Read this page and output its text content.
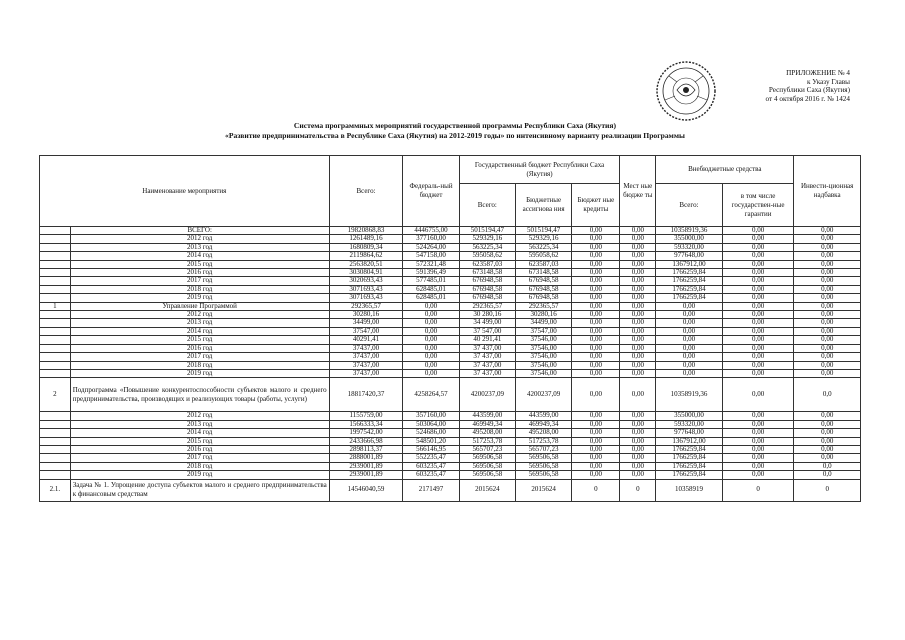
ПРИЛОЖЕНИЕ № 4
к Указу Главы
Республики Саха (Якутия)
от 4 октября 2016 г. № 1424
Система программных мероприятий государственной программы Республики Саха (Якутия)
«Развитие предпринимательства в Республике Саха (Якутия) на 2012-2019 годы» по интенсивному варианту реализации Программы
Наименование мероприятия		Всего:	Федераль-ный бюджет	Государственный бюджет Республики Саха (Якутия)			Мест ные бюдже ты	Внебюджетные средства		Инвести-ционная надбавка
				Всего:	Бюджетные ассигнова ния	Бюджет ные кредиты		Всего:	в том числе государствен-ные гарантии	
	ВСЕГО:	19820868,83	4446755,00	5015194,47	5015194,47	0,00	0,00	10358919,36	0,00	0,00
	2012 год	1261489,16	377160,00	529329,16	529329,16	0,00	0,00	355000,00	0,00	0,00
	2013 год	1680809,34	524264,00	563225,34	563225,34	0,00	0,00	593320,00	0,00	0,00
	2014 год	2119864,62	547158,00	595058,62	595058,62	0,00	0,00	977648,00	0,00	0,00
	2015 год	2563820,51	572321,48	623587,03	623587,03	0,00	0,00	1367912,00	0,00	0,00
	2016 год	3030804,91	591396,49	673148,58	673148,58	0,00	0,00	1766259,84	0,00	0,00
	2017 год	3020693,43	577485,01	676948,58	676948,58	0,00	0,00	1766259,84	0,00	0,00
	2018 год	3071693,43	628485,01	676948,58	676948,58	0,00	0,00	1766259,84	0,00	0,00
	2019 год	3071693,43	628485,01	676948,58	676948,58	0,00	0,00	1766259,84	0,00	0,00
1	Управление Программой	292365,57	0,00	292365,57	292365,57	0,00	0,00	0,00	0,00	0,00
	2012 год	30280,16	0,00	30 280,16	30280,16	0,00	0,00	0,00	0,00	0,00
	2013 год	34499,00	0,00	34 499,00	34499,00	0,00	0,00	0,00	0,00	0,00
	2014 год	37547,00	0,00	37 547,00	37547,00	0,00	0,00	0,00	0,00	0,00
	2015 год	40291,41	0,00	40 291,41	37546,00	0,00	0,00	0,00	0,00	0,00
	2016 год	37437,00	0,00	37 437,00	37546,00	0,00	0,00	0,00	0,00	0,00
	2017 год	37437,00	0,00	37 437,00	37546,00	0,00	0,00	0,00	0,00	0,00
	2018 год	37437,00	0,00	37 437,00	37546,00	0,00	0,00	0,00	0,00	0,00
	2019 год	37437,00	0,00	37 437,00	37546,00	0,00	0,00	0,00	0,00	0,00
2	Подпрограмма «Повышение конкурентоспособности субъектов малого и среднего предпринимательства, производящих и реализующих товары (работы, услуги)	18817420,37	4258264,57	4200237,09	4200237,09	0,00	0,00	10358919,36	0,00	0,0
	2012 год	1155759,00	357160,00	443599,00	443599,00	0,00	0,00	355000,00	0,00	0,00
	2013 год	1566333,34	503064,00	469949,34	469949,34	0,00	0,00	593320,00	0,00	0,00
	2014 год	1997542,00	524686,00	495208,00	495208,00	0,00	0,00	977648,00	0,00	0,00
	2015 год	2433666,98	548501,20	517253,78	517253,78	0,00	0,00	1367912,00	0,00	0,00
	2016 год	2898113,37	566146,95	565707,23	565707,23	0,00	0,00	1766259,84	0,00	0,00
	2017 год	2888001,89	552235,47	569506,58	569506,58	0,00	0,00	1766259,84	0,00	0,00
	2018 год	2939001,89	603235,47	569506,58	569506,58	0,00	0,00	1766259,84	0,00	0,0
	2019 год	2939001,89	603235,47	569506,58	569506,58	0,00	0,00	1766259,84	0,00	0,0
2.1.	Задача № 1. Упрощение доступа субъектов малого и среднего предпринимательства к финансовым средствам	14546040,59	2171497	2015624	2015624	0	0	10358919	0	0
